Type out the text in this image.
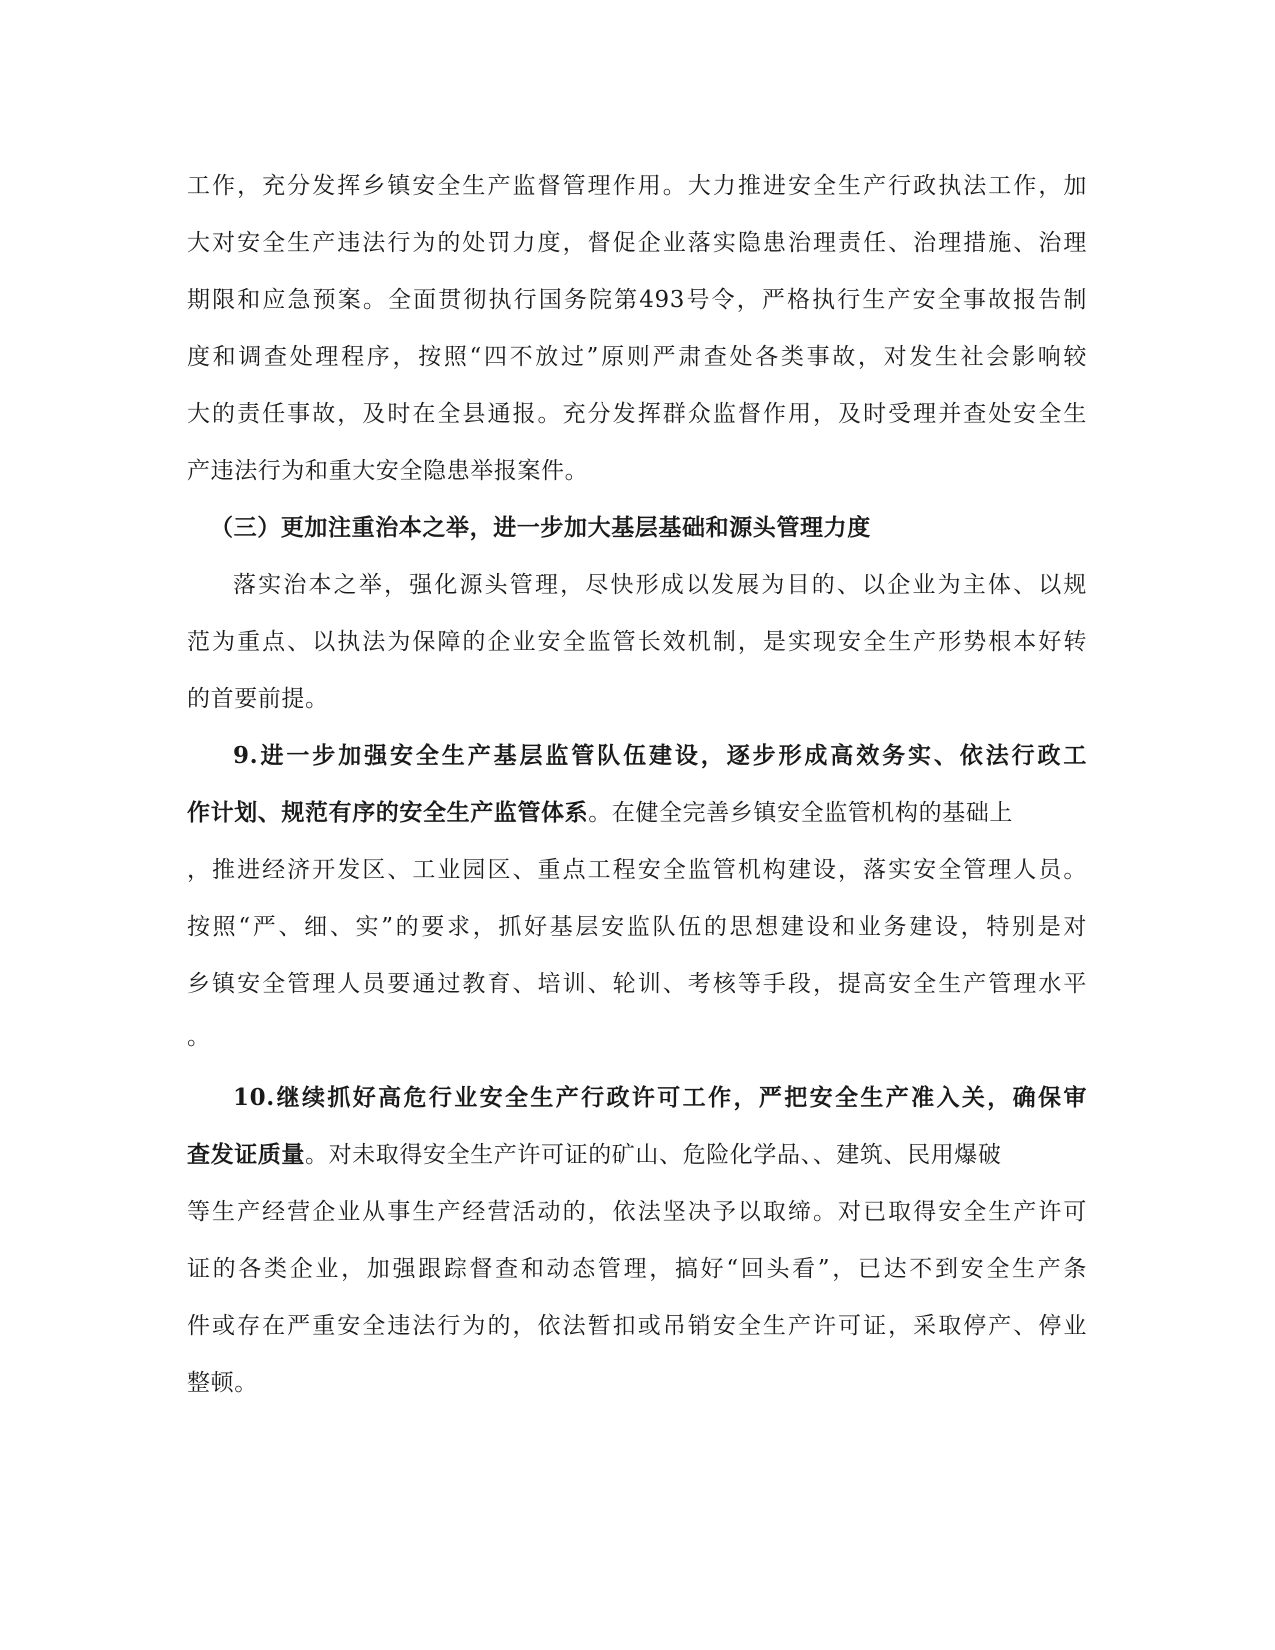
工作，充分发挥乡镇安全生产监督管理作用。大力推进安全生产行政执法工作，加
大对安全生产违法行为的处罚力度，督促企业落实隐患治理责任、治理措施、治理
期限和应急预案。全面贯彻执行国务院第493号令，严格执行生产安全事故报告制
度和调查处理程序，按照“四不放过”原则严肃查处各类事故，对发生社会影响较
大的责任事故，及时在全县通报。充分发挥群众监督作用，及时受理并查处安全生
产违法行为和重大安全隐患举报案件。
（三）更加注重治本之举，进一步加大基层基础和源头管理力度
落实治本之举，强化源头管理，尽快形成以发展为目的、以企业为主体、以规
范为重点、以执法为保障的企业安全监管长效机制，是实现安全生产形势根本好转
的首要前提。
9.进一步加强安全生产基层监管队伍建设，逐步形成高效务实、依法行政工
作计划、规范有序的安全生产监管体系。在健全完善乡镇安全监管机构的基础上
，推进经济开发区、工业园区、重点工程安全监管机构建设，落实安全管理人员。
按照“严、细、实”的要求，抓好基层安监队伍的思想建设和业务建设，特别是对
乡镇安全管理人员要通过教育、培训、轮训、考核等手段，提高安全生产管理水平
。
10.继续抓好高危行业安全生产行政许可工作，严把安全生产准入关，确保审
查发证质量。对未取得安全生产许可证的矿山、危险化学品、、建筑、民用爆破
等生产经营企业从事生产经营活动的，依法坚决予以取缔。对已取得安全生产许可
证的各类企业，加强跟踪督查和动态管理，搞好“回头看”，已达不到安全生产条
件或存在严重安全违法行为的，依法暂扣或吊销安全生产许可证，采取停产、停业
整顿。
